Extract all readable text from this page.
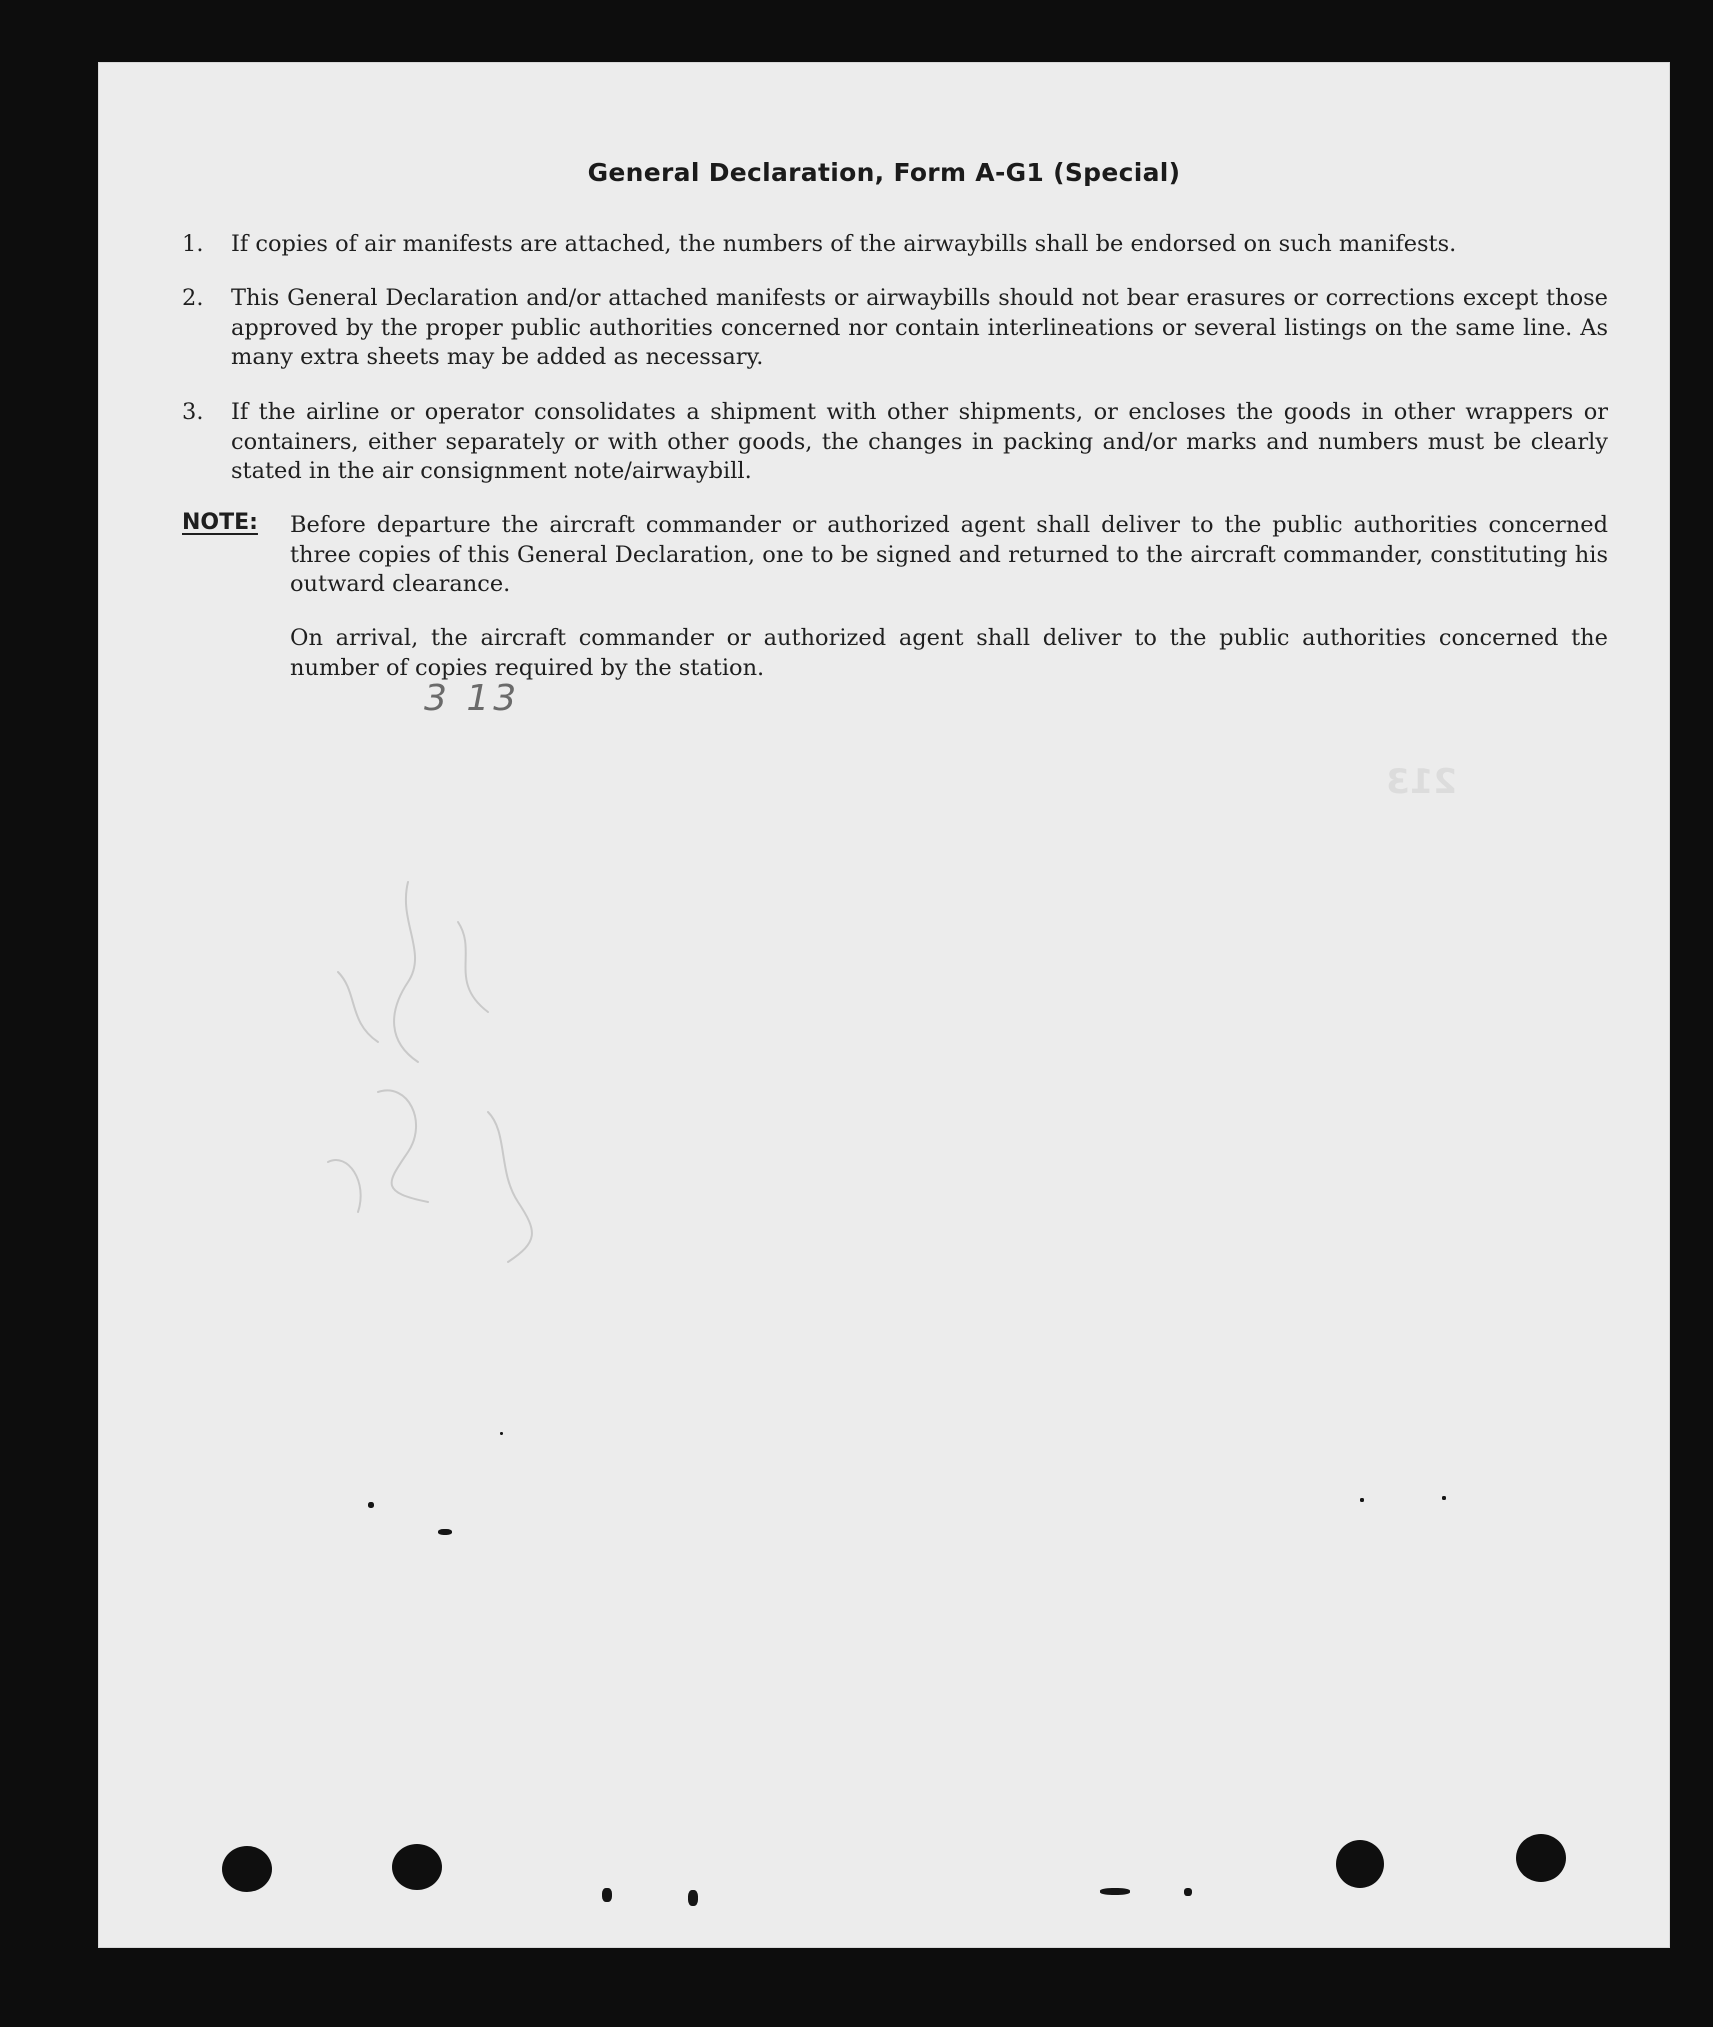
General Declaration, Form A-G1 (Special)
1.	If copies of air manifests are attached, the numbers of the airwaybills shall be endorsed on such manifests.
2.	This General Declaration and/or attached manifests or airwaybills should not bear erasures or corrections except those approved by the proper public authorities concerned nor contain interlineations or several listings on the same line. As many extra sheets may be added as necessary.
3.	If the airline or operator consolidates a shipment with other shipments, or encloses the goods in other wrappers or containers, either separately or with other goods, the changes in packing and/or marks and numbers must be clearly stated in the air consignment note/airwaybill.
NOTE: Before departure the aircraft commander or authorized agent shall deliver to the public authorities concerned three copies of this General Declaration, one to be signed and returned to the aircraft commander, constituting his outward clearance.
On arrival, the aircraft commander or authorized agent shall deliver to the public authorities concerned the number of copies required by the station.
3 13
213
